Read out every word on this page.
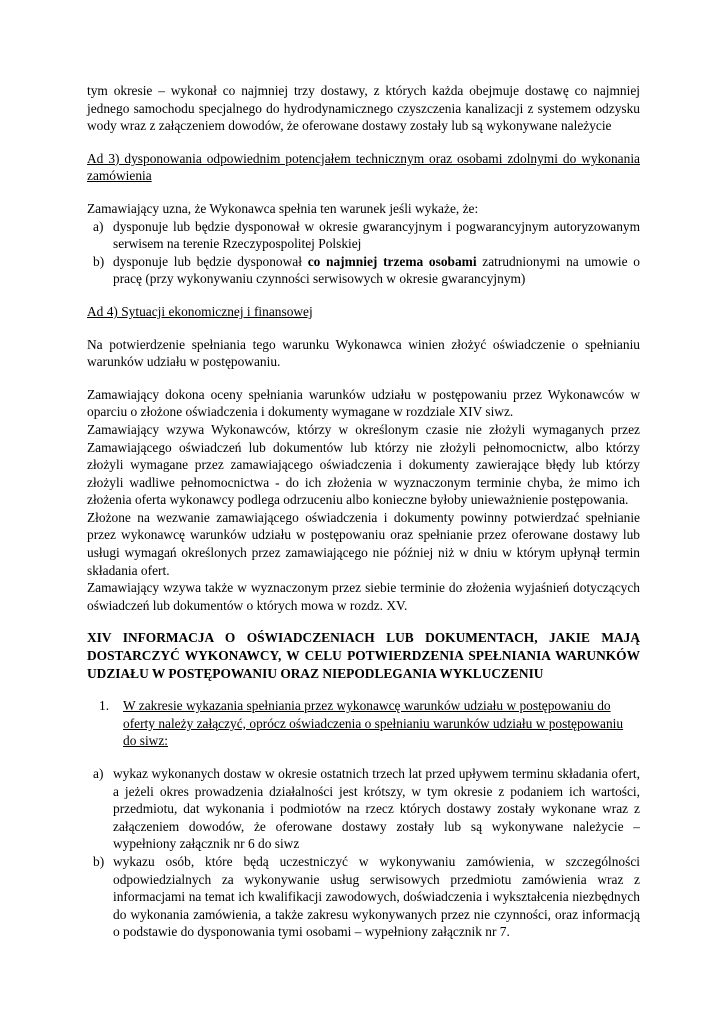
tym okresie – wykonał co najmniej trzy dostawy, z których każda obejmuje dostawę co najmniej jednego samochodu specjalnego do hydrodynamicznego czyszczenia kanalizacji z systemem odzysku wody wraz z załączeniem dowodów, że oferowane dostawy zostały lub są wykonywane należycie

Ad 3) dysponowania odpowiednim potencjałem technicznym oraz osobami zdolnymi do wykonania zamówienia

Zamawiający uzna, że Wykonawca spełnia ten warunek jeśli wykaże, że:

a) dysponuje lub będzie dysponował w okresie gwarancyjnym i pogwarancyjnym autoryzowanym serwisem na terenie Rzeczypospolitej Polskiej
b) dysponuje lub będzie dysponował co najmniej trzema osobami zatrudnionymi na umowie o pracę (przy wykonywaniu czynności serwisowych w okresie gwarancyjnym)

Ad 4) Sytuacji ekonomicznej i finansowej

Na potwierdzenie spełniania tego warunku Wykonawca winien złożyć oświadczenie o spełnianiu warunków udziału w postępowaniu.

Zamawiający dokona oceny spełniania warunków udziału w postępowaniu przez Wykonawców w oparciu o złożone oświadczenia i dokumenty wymagane w rozdziale XIV siwz.

Zamawiający wzywa Wykonawców, którzy w określonym czasie nie złożyli wymaganych przez Zamawiającego oświadczeń lub dokumentów lub którzy nie złożyli pełnomocnictw, albo którzy złożyli wymagane przez zamawiającego oświadczenia i dokumenty zawierające błędy lub którzy złożyli wadliwe pełnomocnictwa - do ich złożenia w wyznaczonym terminie chyba, że mimo ich złożenia oferta wykonawcy podlega odrzuceniu albo konieczne byłoby unieważnienie postępowania.

Złożone na wezwanie zamawiającego oświadczenia i dokumenty powinny potwierdzać spełnianie przez wykonawcę warunków udziału w postępowaniu oraz spełnianie przez oferowane dostawy lub usługi wymagań określonych przez zamawiającego nie później niż w dniu w którym upłynął termin składania ofert.

Zamawiający wzywa także w wyznaczonym przez siebie terminie do złożenia wyjaśnień dotyczących oświadczeń lub dokumentów o których mowa w rozdz. XV.

XIV INFORMACJA O OŚWIADCZENIACH LUB DOKUMENTACH, JAKIE MAJĄ DOSTARCZYĆ WYKONAWCY, W CELU POTWIERDZENIA SPEŁNIANIA WARUNKÓW UDZIAŁU W POSTĘPOWANIU ORAZ NIEPODLEGANIA WYKLUCZENIU

1.	W zakresie wykazania spełniania przez wykonawcę warunków udziału w postępowaniu do oferty należy załączyć, oprócz oświadczenia o spełnianiu warunków udziału w postępowaniu do siwz:
a) wykaz wykonanych dostaw w okresie ostatnich trzech lat przed upływem terminu składania ofert, a jeżeli okres prowadzenia działalności jest krótszy, w tym okresie z podaniem ich wartości, przedmiotu, dat wykonania i podmiotów na rzecz których dostawy zostały wykonane wraz z załączeniem dowodów, że oferowane dostawy zostały lub są wykonywane należycie – wypełniony załącznik nr 6 do siwz
b) wykazu osób, które będą uczestniczyć w wykonywaniu zamówienia, w szczególności odpowiedzialnych za wykonywanie usług serwisowych przedmiotu zamówienia wraz z informacjami na temat ich kwalifikacji zawodowych, doświadczenia i wykształcenia niezbędnych do wykonania zamówienia, a także zakresu wykonywanych przez nie czynności, oraz informacją o podstawie do dysponowania tymi osobami – wypełniony załącznik nr 7.
